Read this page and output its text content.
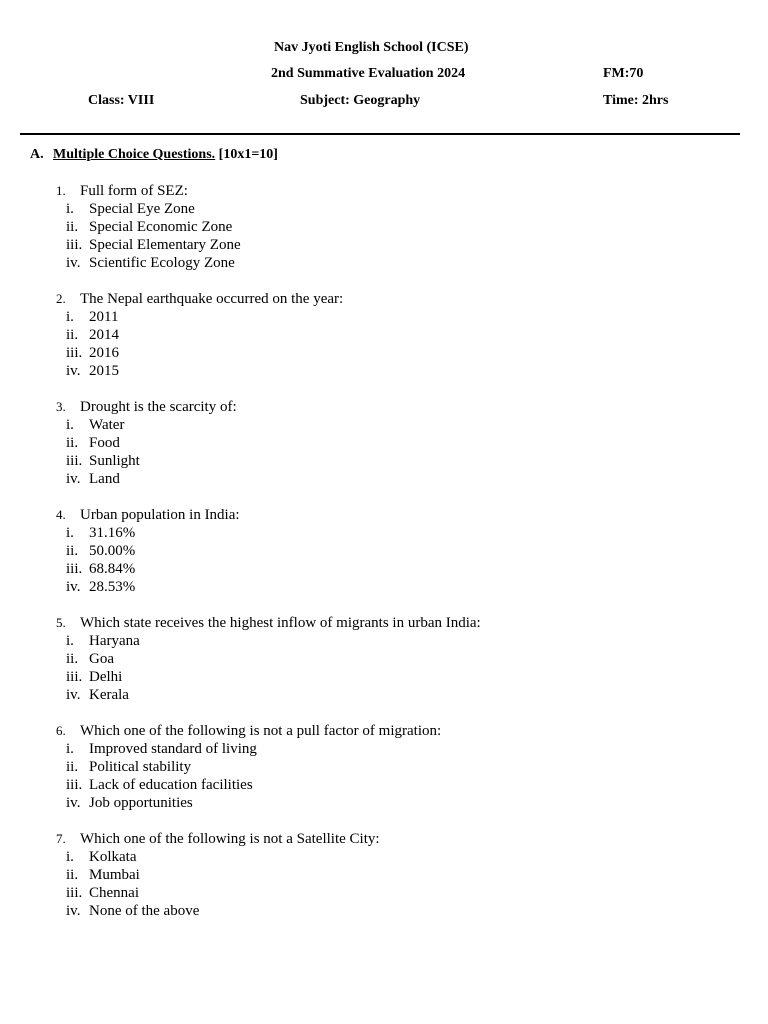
Nav Jyoti English School (ICSE)
2nd Summative Evaluation 2024	FM:70
Class: VIII	Subject: Geography	Time: 2hrs
A. Multiple Choice Questions. [10x1=10]
1. Full form of SEZ:
i. Special Eye Zone
ii. Special Economic Zone
iii. Special Elementary Zone
iv. Scientific Ecology Zone
2. The Nepal earthquake occurred on the year:
i. 2011
ii. 2014
iii. 2016
iv. 2015
3. Drought is the scarcity of:
i. Water
ii. Food
iii. Sunlight
iv. Land
4. Urban population in India:
i. 31.16%
ii. 50.00%
iii. 68.84%
iv. 28.53%
5. Which state receives the highest inflow of migrants in urban India:
i. Haryana
ii. Goa
iii. Delhi
iv. Kerala
6. Which one of the following is not a pull factor of migration:
i. Improved standard of living
ii. Political stability
iii. Lack of education facilities
iv. Job opportunities
7. Which one of the following is not a Satellite City:
i. Kolkata
ii. Mumbai
iii. Chennai
iv. None of the above
